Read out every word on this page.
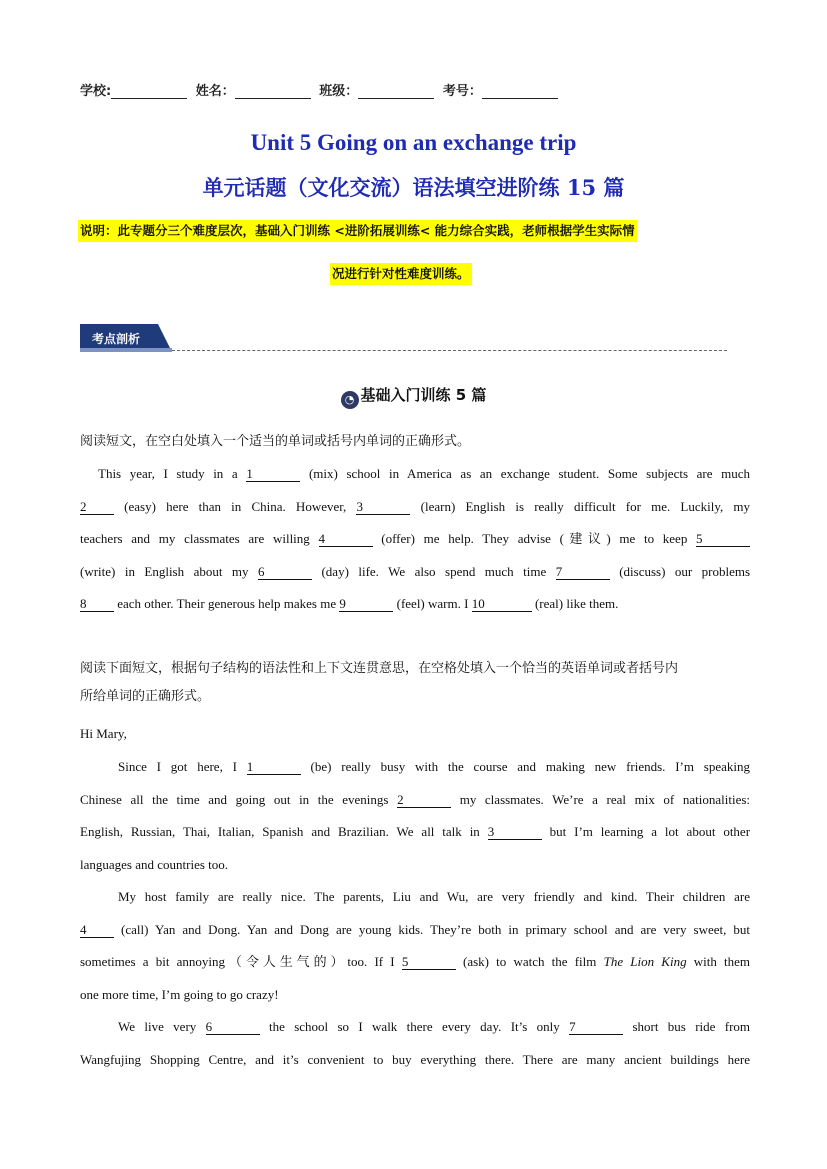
学校:	姓名：	班级：	考号：
Unit 5 Going on an exchange trip
单元话题（文化交流）语法填空进阶练 15 篇
说明：此专题分三个难度层次，基础入门训练 <进阶拓展训练< 能力综合实践，老师根据学生实际情
况进行针对性难度训练。
考点剖析
◔ 基础入门训练 5 篇
阅读短文，在空白处填入一个适当的单词或括号内单词的正确形式。
This year, I study in a 1	(mix) school in America as an exchange student. Some subjects are much
2	(easy) here than in China. However, 3	(learn) English is really difficult for me. Luckily, my
teachers and my classmates are willing 4	(offer) me help. They advise (建议) me to keep 5
(write) in English about my 6	(day) life. We also spend much time 7	(discuss) our problems
8 each other. Their generous help makes me 9	(feel) warm. I 10	(real) like them.
阅读下面短文，根据句子结构的语法性和上下文连贯意思，在空格处填入一个恰当的英语单词或者括号内
所给单词的正确形式。
Hi Mary,
Since I got here, I 1	(be) really busy with the course and making new friends. I’m speaking
Chinese all the time and going out in the evenings 2	my classmates. We’re a real mix of nationalities:
English, Russian, Thai, Italian, Spanish and Brazilian. We all talk in 3	but I’m learning a lot about other
languages and countries too.
My host family are really nice. The parents, Liu and Wu, are very friendly and kind. Their children are
4	(call) Yan and Dong. Yan and Dong are young kids. They’re both in primary school and are very sweet, but
sometimes a bit annoying（令人生气的）too. If I 5	(ask) to watch the film The Lion King with them
one more time, I’m going to go crazy!
We live very 6	the school so I walk there every day. It’s only 7	short bus ride from
Wangfujing Shopping Centre, and it’s convenient to buy everything there. There are many ancient buildings here
